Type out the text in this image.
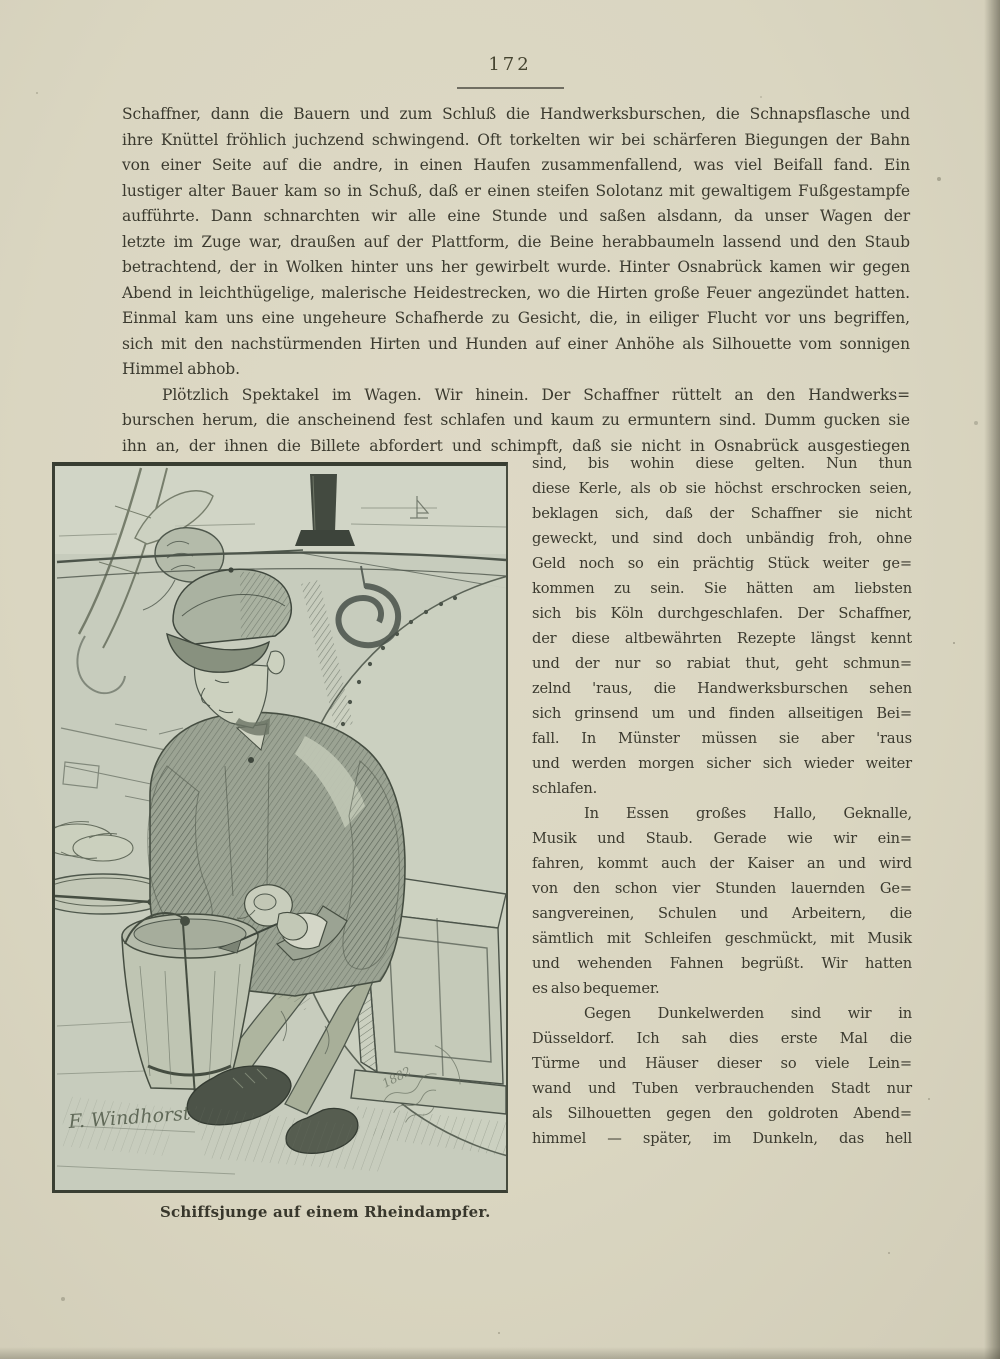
172
Schaffner, dann die Bauern und zum Schluß die Handwerksburschen, die Schnapsflasche und
ihre Knüttel fröhlich juchzend schwingend. Oft torkelten wir bei schärferen Biegungen der Bahn
von einer Seite auf die andre, in einen Haufen zusammenfallend, was viel Beifall fand. Ein
lustiger alter Bauer kam so in Schuß, daß er einen steifen Solotanz mit gewaltigem Fußgestampfe
aufführte. Dann schnarchten wir alle eine Stunde und saßen alsdann, da unser Wagen der
letzte im Zuge war, draußen auf der Plattform, die Beine herabbaumeln lassend und den Staub
betrachtend, der in Wolken hinter uns her gewirbelt wurde. Hinter Osnabrück kamen wir gegen
Abend in leichthügelige, malerische Heidestrecken, wo die Hirten große Feuer angezündet hatten.
Einmal kam uns eine ungeheure Schafherde zu Gesicht, die, in eiliger Flucht vor uns begriffen,
sich mit den nachstürmenden Hirten und Hunden auf einer Anhöhe als Silhouette vom sonnigen
Himmel abhob.
Plötzlich Spektakel im Wagen. Wir hinein. Der Schaffner rüttelt an den Handwerks=
burschen herum, die anscheinend fest schlafen und kaum zu ermuntern sind. Dumm gucken sie
ihn an, der ihnen die Billete abfordert und schimpft, daß sie nicht in Osnabrück ausgestiegen
F. Windhorst
1882
sind, bis wohin diese gelten. Nun thun
diese Kerle, als ob sie höchst erschrocken seien,
beklagen sich, daß der Schaffner sie nicht
geweckt, und sind doch unbändig froh, ohne
Geld noch so ein prächtig Stück weiter ge=
kommen zu sein. Sie hätten am liebsten
sich bis Köln durchgeschlafen. Der Schaffner,
der diese altbewährten Rezepte längst kennt
und der nur so rabiat thut, geht schmun=
zelnd 'raus, die Handwerksburschen sehen
sich grinsend um und finden allseitigen Bei=
fall. In Münster müssen sie aber 'raus
und werden morgen sicher sich wieder weiter
schlafen.
In Essen großes Hallo, Geknalle,
Musik und Staub. Gerade wie wir ein=
fahren, kommt auch der Kaiser an und wird
von den schon vier Stunden lauernden Ge=
sangvereinen, Schulen und Arbeitern, die
sämtlich mit Schleifen geschmückt, mit Musik
und wehenden Fahnen begrüßt. Wir hatten
es also bequemer.
Gegen Dunkelwerden sind wir in
Düsseldorf. Ich sah dies erste Mal die
Türme und Häuser dieser so viele Lein=
wand und Tuben verbrauchenden Stadt nur
als Silhouetten gegen den goldroten Abend=
himmel — später, im Dunkeln, das hell
Schiffsjunge auf einem Rheindampfer.
